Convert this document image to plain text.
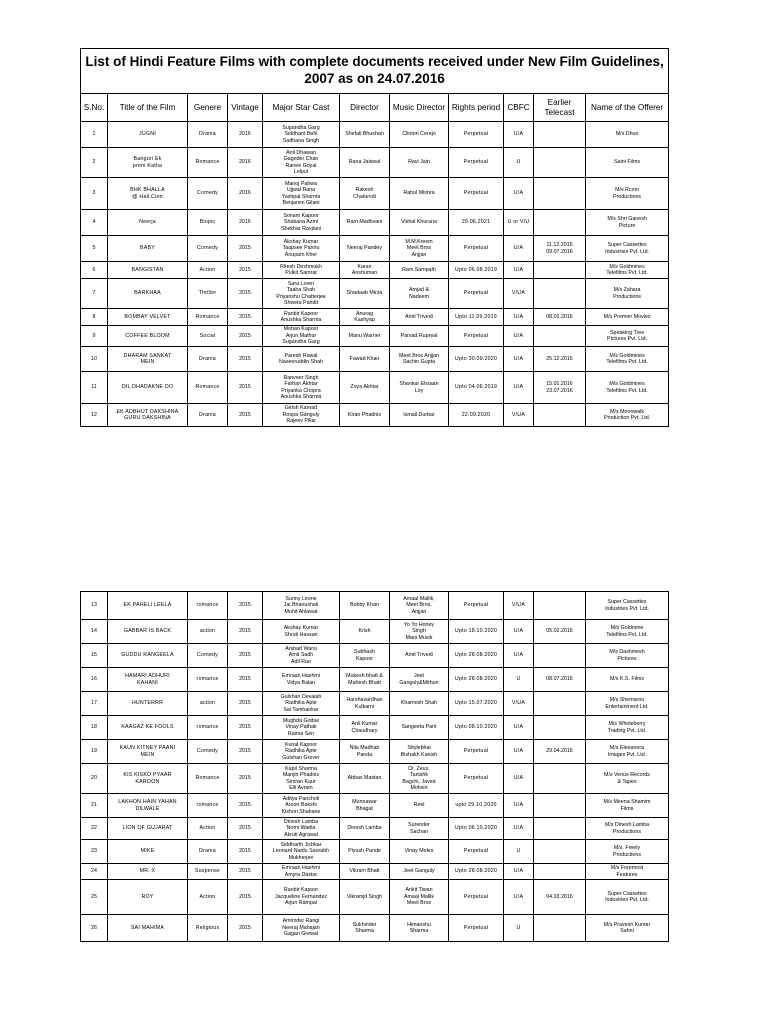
List of Hindi Feature Films with complete documents received under New Film Guidelines, 2007 as on 24.07.2016										
S.No.	Title of the Film	Genere	Vintage	Major Star Cast	Director	Music Director	Rights period	CBFC	Earlier Telecast	Name of the Offerer
1	JUGNI	Drama	2016	Sugandha Garg
Siddhant Behl
Sadhana Singh	Shefali Bhushan	Clinton Cerejo	Perpetual	U/A		M/s Dhun
2	Banguri Ek
prem Katha	Romance	2016	Anil Dhawan
Gagnder Chan
Ranee Goyal
Lelpul	Rana Jaiswal	Ravi Jain	Perpetual	U		Saini Films
3	BHK BHALLA
@ Hall.Com	Comedy	2016	Manoj Pahwa
Ujjwal Rana
Yashpal Sharma
Benjamin Gilani	Rakesh
Chaturvdi	Rahul Mishra	Perpetual	U/A		M/s Rcom
Productions
4	Neerja	Biopic	2016	Sonam Kapoor
Shabana Azmi
Shekhar Ravjiani	Ram Madhvani	Vishal Khurana	29.06.2021	U or V/U		M/s Shri Ganesh
Picture
5	BABY	Comedy	2015	Akshay Kumar
Taapsee Pannu
Anupam Kher	Neeraj Pandey	M.M.Kreem
Meet Bros
Anjjan	Perpetual	U/A	11.12.2015
09.07.2016	Super Cassettes
Industries Pvt. Ltd.
6	BANGISTAN	Action	2015	Ritesh Deshmukh
Pulkit Samrat	Karan
Anshuman	Ram Sampath	Upto 06.08.2019	U/A		M/s Goldmines
Telefilms Pvt. Ltd.
7	BARKHAA	Thriller	2015	Sara Loren
Taaha Shah
Priyanshu Chatterjee
Shweta Pandit	Shadaab Mirza	Amjad &
Nadeem	Perpetual	V/UA		M/s Zahara
Productions
8	BOMBAY VELVET	Romance	2015	Ranbir Kapoor
Anushka Sharma	Anurag
Kashyap	Amit Trivedi	Upto 11.09.2019	U/A	08.01.2016	M/s Premier Movies
9	COFFEE BLOOM	Social	2015	Mohan Kapoor
Arjun Mathur
Sugandha Garg	Manu Warrier	Parsad Rupreal	Perpetual	U/A		Speaking Tree
Pictures Pvt. Ltd.
10	DHARAM SANKAT
MEIN	Drama	2015	Paresh Rawal
Naseeruddin Shah	Fawad Khan	Meet Bros Anjjan
Sachin Gupta	Upto 30.09.2020	U/A	25.12.2015	M/s Goldmines
Telefilms Pvt. Ltd.
11	DIL DHADAKNE DO	Romance	2015	Ranveer Singh
Farhan Akhtar
Priyanka Chopra
Anushka Sharma	Zoya Akhtar	Shankar Ehsaan
Loy	Upto 04.06.2019	U/A	15.01.2016
23.07.2016	M/s Goldmines
Telefilms Pvt. Ltd.
12	EK ADBHUT DAKSHINA
GURU DAKSHINA	Drama	2015	Girish Karnad
Roopa Ganguly
Rajeev Pillai	Kiran Phadnis	Ismail Durbar	22.09.2020	V/UA		M/s Moonwalk
Production Pvt. Ltd.
13	EK PAHELI LEELA	romance	2015	Sunny Leone
Jai Bhanushali
Mohit Ahlawat	Bobby Khan	Amaal Mallik,
Meet Bros,
Anjjan	Perpetual	V/UA		Super Cassettes
Industries Pvt. Ltd.
14	GABBAR IS BACK	action	2015	Akshay Kumar
Shruti Hassan	Krish	Yo Yo Honey
Singh
Mani Musik	Upto 18.10.2020	U/A	05.02.2016	M/s Goldmine
Telefilms Pvt. Ltd.
15	GUDDU RANGEELA	Comedy	2015	Arshad Warsi
Amit Sadh
Adil Rao	Subhash
Kapoor	Amit Trivedi	Upto 28.08.2020	U/A		M/s Dashmesh
Pictures
16	HAMARI ADHURI
KAHANI	romance	2015	Emraan Hashmi
Vidya Balan	Mukesh bhatt &
Mahesh Bhatt	Jeet
Ganguly&Mithun	Upto 28.08.2020	U	08.07.2016	M/s K.S. Films
17	HUNTERRR	action	2015	Gulshan Devaiah
Radhika Apte
Sai Tamhankar	Harshavardhan
Kulkarni	Khamosh Shah	Upto 15.07.2020	V/UA		M/s Shemaroo
Entertainment Ltd.
18	KAAGAZ KE FOOLS	romance	2015	Mughda Godse
Vinay Pathak
Raima Sen	Anil Kumar
Chaudhary	Sangeeta Pant	Upto 08.10.2020	U/A		M/s Wholeberry
Trading Pvt. Ltd.
19	KAUN KITNEY PAANI
MEIN	Comedy	2015	Kunal Kapoor
Radhika Apte
Gulshan Grover	Nila Madhab
Panda	Sttylebhai
Bishakh Kanish	Perpetual	U/A	29.04.2016	M/s Eleeanora
Images Pvt. Ltd.
20	KIS KISKO PYAAR
KAROON	Romance	2015	Kapil Sharma
Manjiri Phadnis
Simran Kaur
Elli Avram	Abbas Mastan	Dr. Zeus,
Tanishk
Bagchi, Javed
Mohsin	Perpetual	U/A		M/s Venus Records
& Tapes
21	LAKHON HAIN YAHAN
DILWALE	romance	2015	Aditya Pancholi
Aroon Bakshi
Kishori Shahane	Munnawar
Bhagat	Reel	upto 29.10.2020	U/A		M/s Meena Shamim
Films
22	LION OF GUJARAT	Action	2015	Dinesh Lamba
Nomi Wadia
Akruti Agrawal	Dinesh Lamba	Surender
Sachan	Upto 06.10.2020	U/A		M/s Dinesh Lamba
Productions
23	MIKE	Drama	2015	Siddharth Jichkar
Leonard Naidu Saurabh
Mukherjee	Piyush Pande	Vinay Moles	Perpetual	U		M/s. Freely
Productions
24	MR. X	Suspense	2015	Emraan Hashmi
Amyra Dastur	Vikram Bhatt	Jeet Ganguly	Upto 28.08.2020	U/A		M/s Foremost
Features
25	ROY	Action	2015	Ranbir Kapoor
Jacqueline Fernandez
Arjun Rampal	Vikramjit Singh	Ankit Tiwari
Amaal Mallik
Meet Bros	Perpetual	U/A	04.03.2016	Super Cassettes
Industries Pvt. Ltd.
26	SAI MAHIMA	Religious	2015	Amrinder Rangi
Neeraj Mahajan
Gagan Grewal	Sukhinder
Sharma	Himanshu
Sharma	Perpetual	U		M/s Pravesh Kumar
Sahni
